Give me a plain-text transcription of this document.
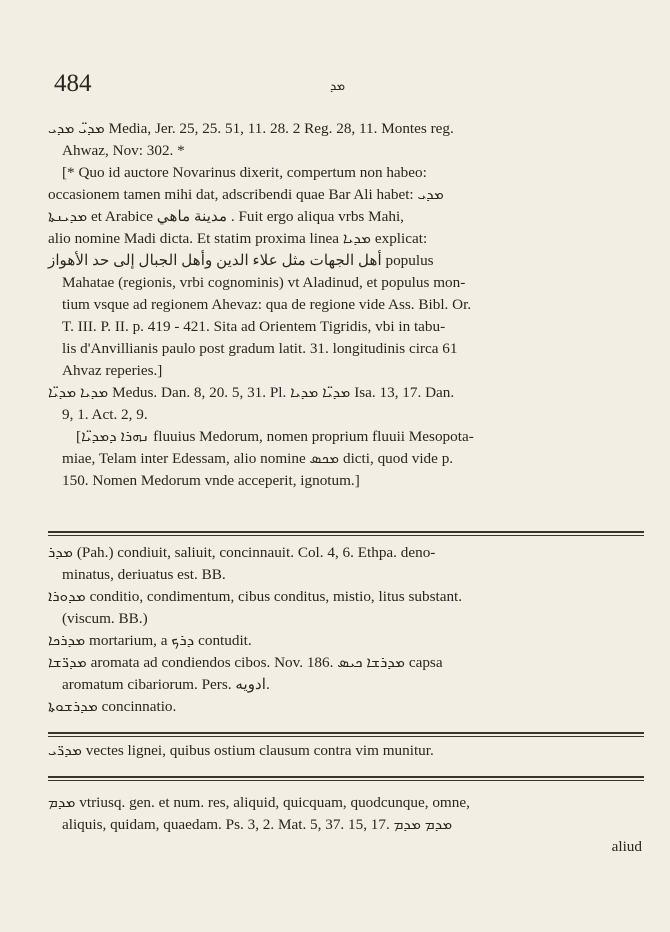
484	ܡܕ
ܡܕܝ̈ ܡܕܝ Media, Jer. 25, 25. 51, 11. 28. 2 Reg. 28, 11. Montes reg.
Ahwaz, Nov: 302. *
[* Quo id auctore Novarinus dixerit, compertum non habeo:
occasionem tamen mihi dat, adscribendi quae Bar Ali habet: ܡܕܝ
ܡܕܝܢܬܐ et Arabice مدينة ماهي . Fuit ergo aliqua vrbs Mahi,
alio nomine Madi dicta. Et statim proxima linea ܡܕܝܐ explicat:
أهل الجهات مثل علاء الدين وأهل الجبال إلى حد الأهواز populus
Mahatae (regionis, vrbi cognominis) vt Aladinud, et populus mon-
tium vsque ad regionem Ahevaz: qua de regione vide Ass. Bibl. Or.
T. III. P. II. p. 419 - 421. Sita ad Orientem Tigridis, vbi in tabu-
lis d'Anvillianis paulo post gradum latit. 31. longitudinis circa 61
Ahvaz reperies.]
ܡܕܝܐ ܡܕܝ̈ܐ Medus. Dan. 8, 20. 5, 31. Pl. ܡܕܝ̈ܐ ܡܕܝܐ Isa. 13, 17. Dan.
9, 1. Act. 2, 9.
[ܢܗܪܐ ܕܡܕܝ̈ܐ fluuius Medorum, nomen proprium fluuii Mesopota-
miae, Telam inter Edessam, alio nomine ܡܟܣ dicti, quod vide p.
150. Nomen Medorum vnde acceperit, ignotum.]
ܡܕܪ (Pah.) condiuit, saliuit, concinnauit. Col. 4, 6. Ethpa. deno-
minatus, deriuatus est. BB.
ܡܕܘܪܐ conditio, condimentum, cibus conditus, mistio, litus substant.
(viscum. BB.)
ܡܕܪܟܐ mortarium, a ܕܪܟ contudit.
ܡܕܪ̈ܫܐ aromata ad condiendos cibos. Nov. 186. ܡܕܪܫܐ ܟܝܣ capsa
aromatum cibariorum. Pers. ادويه.
ܡܕܪܫܘܬܐ concinnatio.
ܡܕܪ̈ܝ vectes lignei, quibus ostium clausum contra vim munitur.
ܡܕܡ vtriusq. gen. et num. res, aliquid, quicquam, quodcunque, omne,
aliquis, quidam, quaedam. Ps. 3, 2. Mat. 5, 37. 15, 17. ܡܕܡ ܡܕܡ
aliud
